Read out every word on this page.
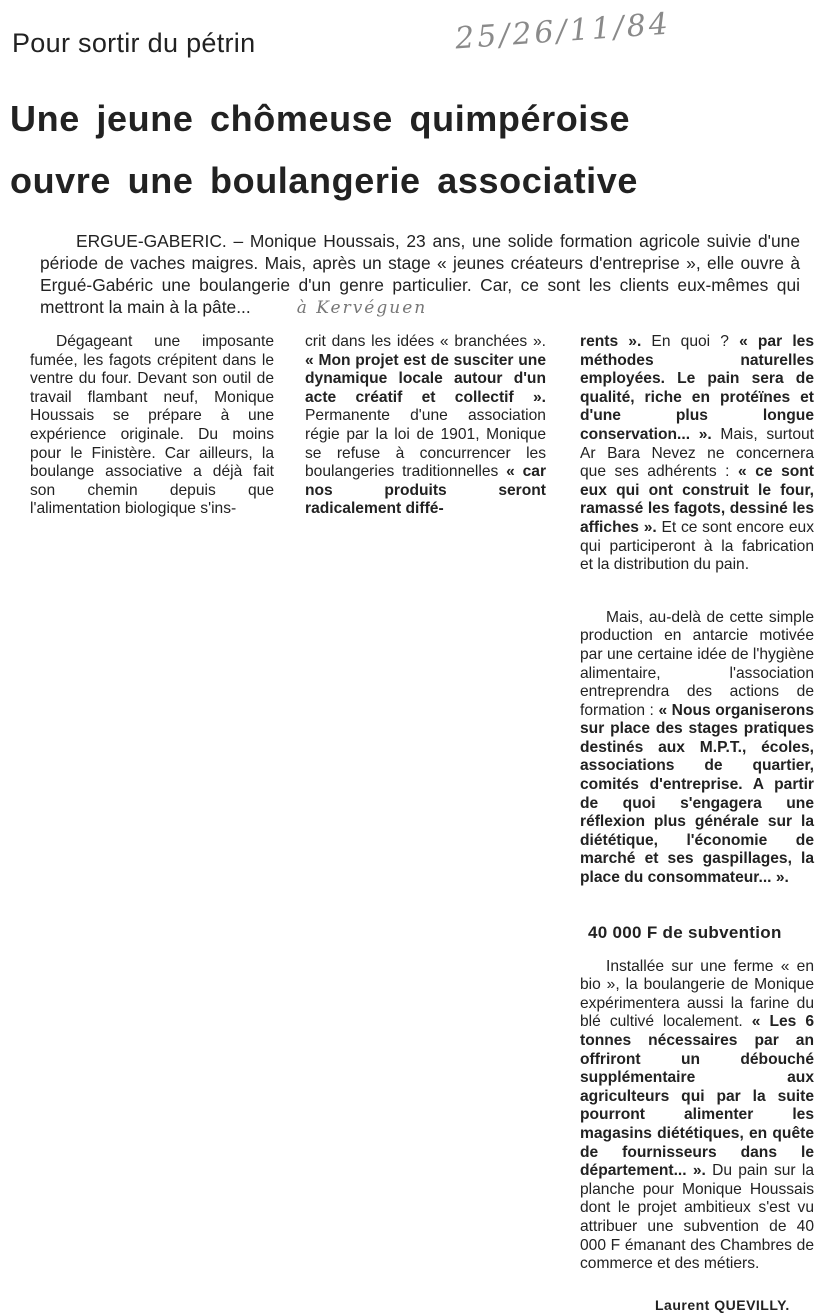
Pour sortir du pétrin	25/26/11/84
Une jeune chômeuse quimpéroise
ouvre une boulangerie associative
ERGUE-GABERIC. – Monique Houssais, 23 ans, une solide formation agricole suivie d'une période de vaches maigres. Mais, après un stage « jeunes créateurs d'entreprise », elle ouvre à Ergué-Gabéric une boulangerie d'un genre particulier. Car, ce sont les clients eux-mêmes qui mettront la main à la pâte...	à Kervéguen
Dégageant une imposante fumée, les fagots crépitent dans le ventre du four. Devant son outil de travail flambant neuf, Monique Houssais se prépare à une expérience originale. Du moins pour le Finistère. Car ailleurs, la boulange associative a déjà fait son chemin depuis que l'alimentation biologique s'ins-
crit dans les idées « branchées ». « Mon projet est de susciter une dynamique locale autour d'un acte créatif et collectif ». Permanente d'une association régie par la loi de 1901, Monique se refuse à concurrencer les boulangeries traditionnelles « car nos produits seront radicalement diffé-
rents ». En quoi ? « par les méthodes naturelles employées. Le pain sera de qualité, riche en protéïnes et d'une plus longue conservation... ». Mais, surtout Ar Bara Nevez ne concernera que ses adhérents : « ce sont eux qui ont construit le four, ramassé les fagots, dessiné les affiches ». Et ce sont encore eux qui participeront à la fabrication et la distribution du pain.
Mais, au-delà de cette simple production en antarcie motivée par une certaine idée de l'hygiène alimentaire, l'association entreprendra des actions de formation : « Nous organiserons sur place des stages pratiques destinés aux M.P.T., écoles, associations de quartier, comités d'entreprise. A partir de quoi s'engagera une réflexion plus générale sur la diététique, l'économie de marché et ses gaspillages, la place du consommateur... ».
40 000 F de subvention
Installée sur une ferme « en bio », la boulangerie de Monique expérimentera aussi la farine du blé cultivé localement. « Les 6 tonnes nécessaires par an offriront un débouché supplémentaire aux agriculteurs qui par la suite pourront alimenter les magasins diététiques, en quête de fournisseurs dans le département... ». Du pain sur la planche pour Monique Houssais dont le projet ambitieux s'est vu attribuer une subvention de 40 000 F émanant des Chambres de commerce et des métiers.
Laurent QUEVILLY.
